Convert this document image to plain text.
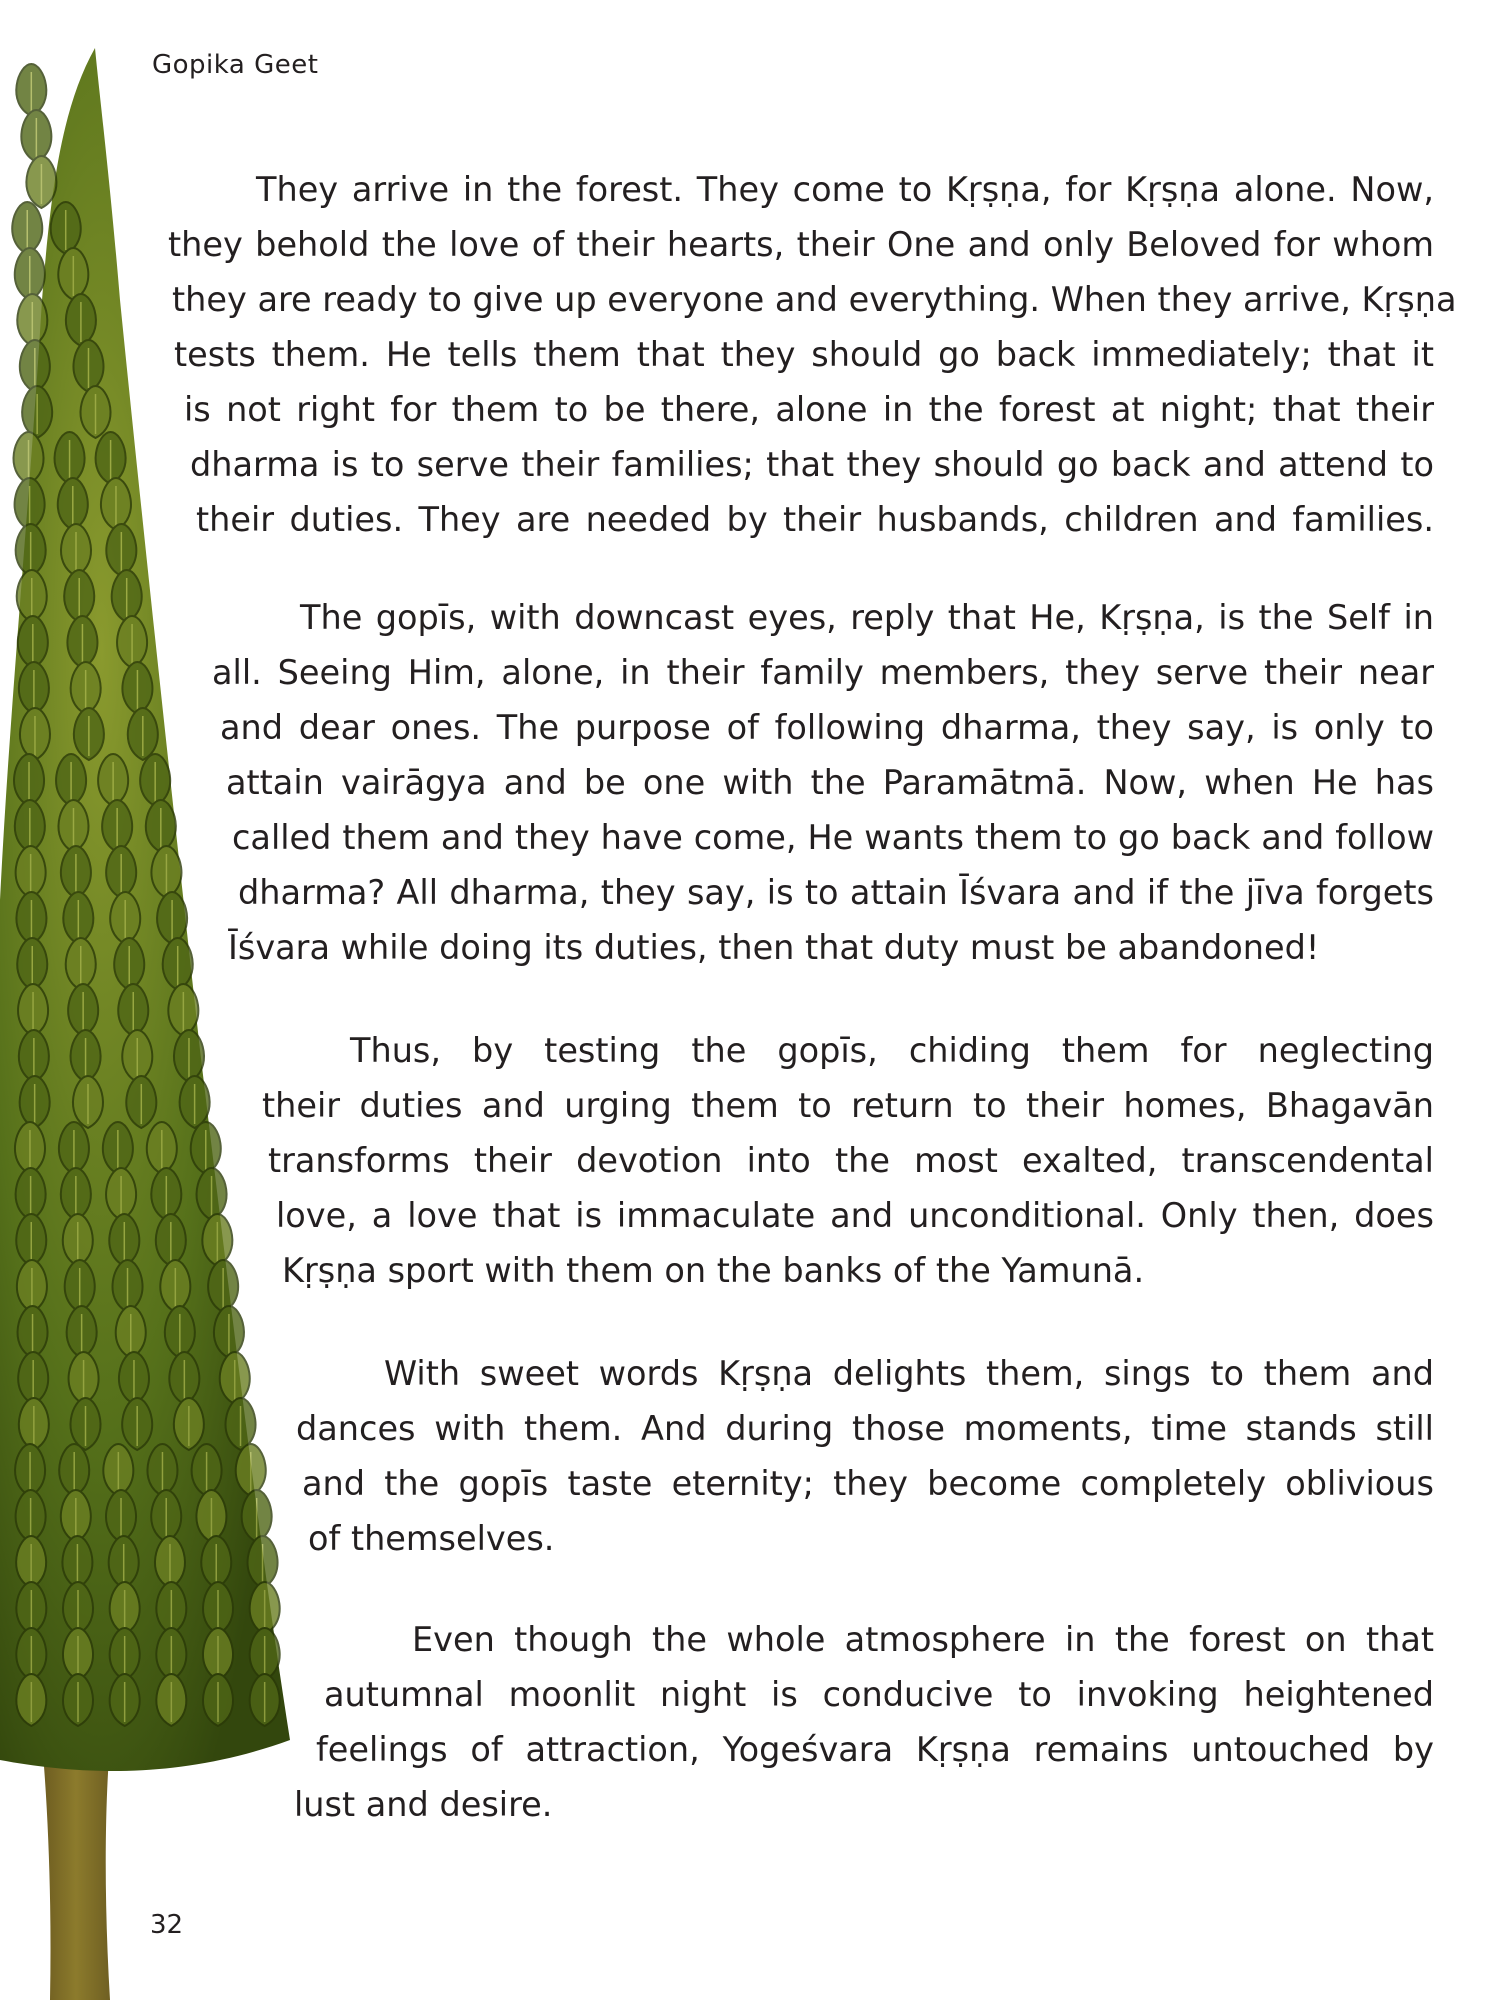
Gopika Geet

They arrive in the forest. They come to Kṛṣṇa, for Kṛṣṇa alone. Now,
they behold the love of their hearts, their One and only Beloved for whom
they are ready to give up everyone and everything. When they arrive, Kṛṣṇa
tests them. He tells them that they should go back immediately; that it
is not right for them to be there, alone in the forest at night; that their
dharma is to serve their families; that they should go back and attend to
their duties. They are needed by their husbands, children and families.

The gopīs, with downcast eyes, reply that He, Kṛṣṇa, is the Self in
all. Seeing Him, alone, in their family members, they serve their near
and dear ones. The purpose of following dharma, they say, is only to
attain vairāgya and be one with the Paramātmā. Now, when He has
called them and they have come, He wants them to go back and follow
dharma? All dharma, they say, is to attain Īśvara and if the jīva forgets
Īśvara while doing its duties, then that duty must be abandoned!

Thus, by testing the gopīs, chiding them for neglecting
their duties and urging them to return to their homes, Bhagavān
transforms their devotion into the most exalted, transcendental
love, a love that is immaculate and unconditional. Only then, does
Kṛṣṇa sport with them on the banks of the Yamunā.

With sweet words Kṛṣṇa delights them, sings to them and
dances with them. And during those moments, time stands still
and the gopīs taste eternity; they become completely oblivious
of themselves.

Even though the whole atmosphere in the forest on that
autumnal moonlit night is conducive to invoking heightened
feelings of attraction, Yogeśvara Kṛṣṇa remains untouched by
lust and desire.

32
